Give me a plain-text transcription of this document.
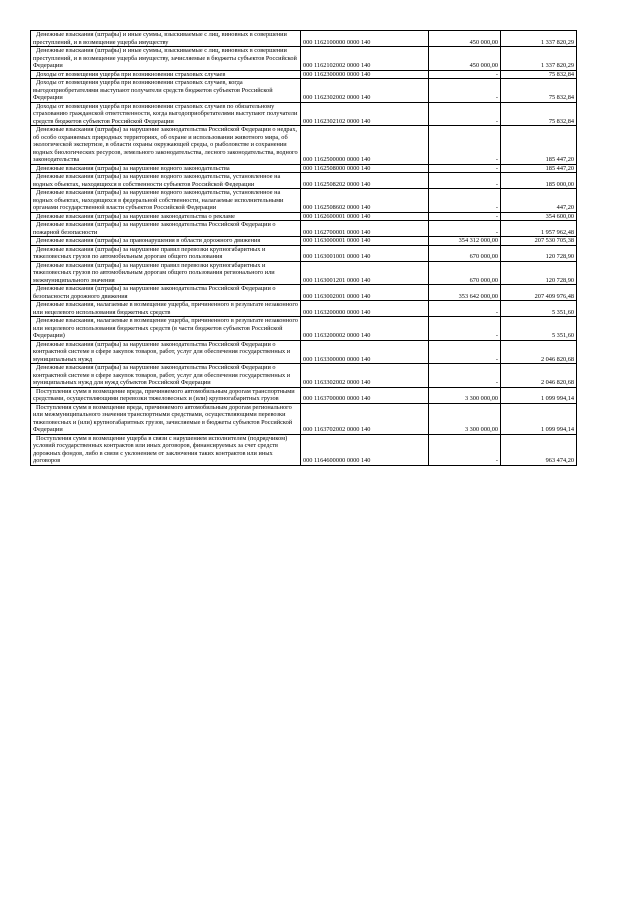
Денежные взыскания (штрафы) и иные суммы, взыскиваемые с лиц, виновных в совершении преступлений, и в возмещение ущерба имуществу	000 1162100000 0000 140	450 000,00	1 337 820,29

Денежные взыскания (штрафы) и иные суммы, взыскиваемые с лиц, виновных в совершении преступлений, и в возмещение ущерба имуществу, зачисляемые в бюджеты субъектов Российской Федерации	000 1162102002 0000 140	450 000,00	1 337 820,29

Доходы от возмещения ущерба при возникновении страховых случаев	000 1162300000 0000 140	-	75 832,84

Доходы от возмещения ущерба при возникновении страховых случаев, когда выгодоприобретателями выступают получатели средств бюджетов субъектов Российской Федерации	000 1162302002 0000 140	-	75 832,84

Доходы от возмещения ущерба при возникновении страховых случаев по обязательному страхованию гражданской ответственности, когда выгодоприобретателями выступают получатели средств бюджетов субъектов Российской Федерации	000 1162302102 0000 140	-	75 832,84

Денежные взыскания (штрафы) за нарушение законодательства Российской Федерации о недрах, об особо охраняемых природных территориях, об охране и использовании животного мира, об экологической экспертизе, в области охраны окружающей среды, о рыболовстве и сохранении водных биологических ресурсов, земельного законодательства, лесного законодательства, водного законодательства	000 1162500000 0000 140	-	185 447,20

Денежные взыскания (штрафы) за нарушение водного законодательства	000 1162508000 0000 140	-	185 447,20

Денежные взыскания (штрафы) за нарушение водного законодательства, установленное на водных объектах, находящихся в собственности субъектов Российской Федерации	000 1162508202 0000 140	-	185 000,00

Денежные взыскания (штрафы) за нарушение водного законодательства, установленное на водных объектах, находящихся в федеральной собственности, налагаемые исполнительными органами государственной власти субъектов Российской Федерации	000 1162508602 0000 140	-	447,20

Денежные взыскания (штрафы) за нарушение законодательства о рекламе	000 1162600001 0000 140	-	354 600,00

Денежные взыскания (штрафы) за нарушение законодательства Российской Федерации о пожарной безопасности	000 1162700001 0000 140	-	1 957 962,48

Денежные взыскания (штрафы) за правонарушения в области дорожного движения	000 1163000001 0000 140	354 312 000,00	207 530 705,38

Денежные взыскания (штрафы) за нарушение правил перевозки крупногабаритных и тяжеловесных грузов по автомобильным дорогам общего пользования	000 1163001001 0000 140	670 000,00	120 728,90

Денежные взыскания (штрафы) за нарушение правил перевозки крупногабаритных и тяжеловесных грузов по автомобильным дорогам общего пользования регионального или межмуниципального значения	000 1163001201 0000 140	670 000,00	120 728,90

Денежные взыскания (штрафы) за нарушение законодательства Российской Федерации о безопасности дорожного движения	000 1163002001 0000 140	353 642 000,00	207 409 976,48

Денежные взыскания, налагаемые в возмещение ущерба, причиненного в результате незаконного или нецелевого использования бюджетных средств	000 1163200000 0000 140	-	5 351,60

Денежные взыскания, налагаемые в возмещение ущерба, причиненного в результате незаконного или нецелевого использования бюджетных средств (в части бюджетов субъектов Российской Федерации)	000 1163200002 0000 140	-	5 351,60

Денежные взыскания (штрафы) за нарушение законодательства Российской Федерации о контрактной системе в сфере закупок товаров, работ, услуг для обеспечения государственных и муниципальных нужд	000 1163300000 0000 140	-	2 046 820,68

Денежные взыскания (штрафы) за нарушение законодательства Российской Федерации о контрактной системе в сфере закупок товаров, работ, услуг для обеспечения государственных и муниципальных нужд для нужд субъектов Российской Федерации	000 1163302002 0000 140	-	2 046 820,68

Поступления сумм в возмещение вреда, причиняемого автомобильным дорогам транспортными средствами, осуществляющими перевозки тяжеловесных и (или) крупногабаритных грузов	000 1163700000 0000 140	3 300 000,00	1 099 994,14

Поступления сумм в возмещение вреда, причиняемого автомобильным дорогам регионального или межмуниципального значения транспортными средствами, осуществляющими перевозки тяжеловесных и (или) крупногабаритных грузов, зачисляемые в бюджеты субъектов Российской Федерации	000 1163702002 0000 140	3 300 000,00	1 099 994,14

Поступления сумм в возмещение ущерба в связи с нарушением исполнителем (подрядчиком) условий государственных контрактов или иных договоров, финансируемых за счет средств дорожных фондов, либо в связи с уклонением от заключения таких контрактов или иных договоров	000 1164600000 0000 140	-	963 474,20
